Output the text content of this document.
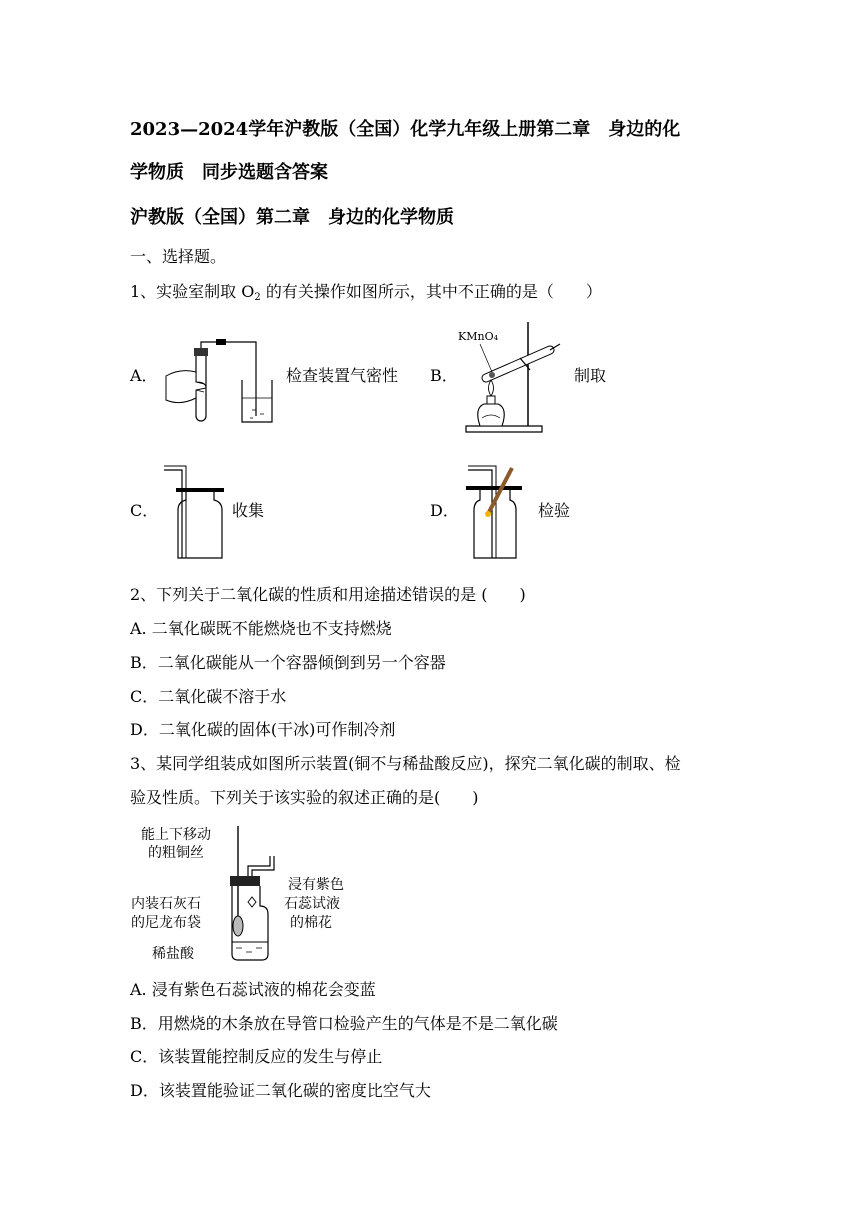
2023—2024学年沪教版（全国）化学九年级上册第二章　身边的化
学物质　同步选题含答案
沪教版（全国）第二章　身边的化学物质
一、选择题。
1、实验室制取 $O_2$ 的有关操作如图所示，其中不正确的是（　　）
A．	检查装置气密性 B．
KMnO₄
制取
C．	收集	D．	检验
2、下列关于二氧化碳的性质和用途描述错误的是 (　　)
A. 二氧化碳既不能燃烧也不支持燃烧
B．二氧化碳能从一个容器倾倒到另一个容器
C．二氧化碳不溶于水
D．二氧化碳的固体(干冰)可作制冷剂
3、某同学组装成如图所示装置(铜不与稀盐酸反应)，探究二氧化碳的制取、检
验及性质。下列关于该实验的叙述正确的是(　　)
能上下移动
的粗铜丝
浸有紫色
石蕊试液
的棉花
内装石灰石
的尼龙布袋
稀盐酸
A. 浸有紫色石蕊试液的棉花会变蓝
B．用燃烧的木条放在导管口检验产生的气体是不是二氧化碳
C．该装置能控制反应的发生与停止
D．该装置能验证二氧化碳的密度比空气大
